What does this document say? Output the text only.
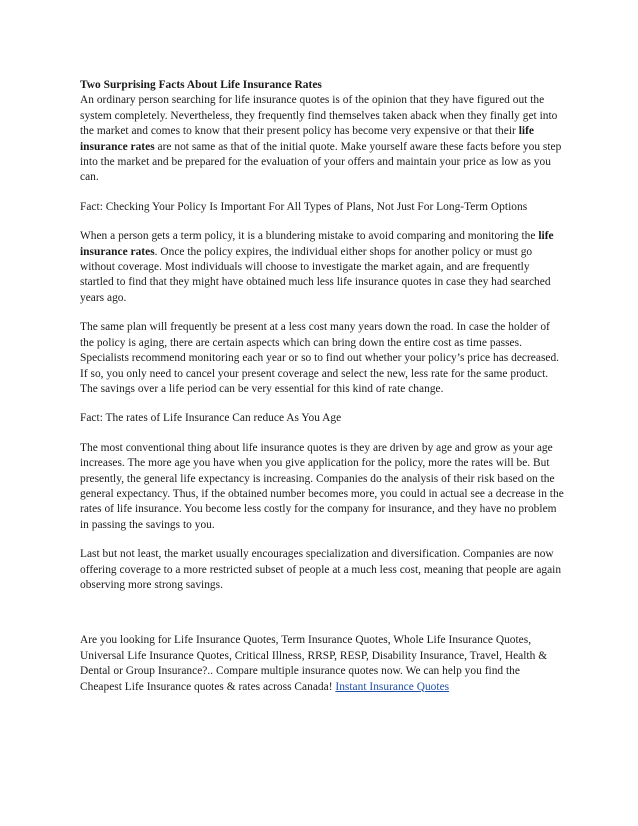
Two Surprising Facts About Life Insurance Rates

An ordinary person searching for life insurance quotes is of the opinion that they have figured out the system completely. Nevertheless, they frequently find themselves taken aback when they finally get into the market and comes to know that their present policy has become very expensive or that their life insurance rates are not same as that of the initial quote. Make yourself aware these facts before you step into the market and be prepared for the evaluation of your offers and maintain your price as low as you can.

Fact: Checking Your Policy Is Important For All Types of Plans, Not Just For Long-Term Options

When a person gets a term policy, it is a blundering mistake to avoid comparing and monitoring the life insurance rates. Once the policy expires, the individual either shops for another policy or must go without coverage. Most individuals will choose to investigate the market again, and are frequently startled to find that they might have obtained much less life insurance quotes in case they had searched years ago.

The same plan will frequently be present at a less cost many years down the road. In case the holder of the policy is aging, there are certain aspects which can bring down the entire cost as time passes. Specialists recommend monitoring each year or so to find out whether your policy’s price has decreased. If so, you only need to cancel your present coverage and select the new, less rate for the same product. The savings over a life period can be very essential for this kind of rate change.

Fact: The rates of Life Insurance Can reduce As You Age

The most conventional thing about life insurance quotes is they are driven by age and grow as your age increases. The more age you have when you give application for the policy, more the rates will be. But presently, the general life expectancy is increasing. Companies do the analysis of their risk based on the general expectancy. Thus, if the obtained number becomes more, you could in actual see a decrease in the rates of life insurance. You become less costly for the company for insurance, and they have no problem in passing the savings to you.

Last but not least, the market usually encourages specialization and diversification. Companies are now offering coverage to a more restricted subset of people at a much less cost, meaning that people are again observing more strong savings.

Are you looking for Life Insurance Quotes, Term Insurance Quotes, Whole Life Insurance Quotes, Universal Life Insurance Quotes, Critical Illness, RRSP, RESP, Disability Insurance, Travel, Health & Dental or Group Insurance?.. Compare multiple insurance quotes now. We can help you find the Cheapest Life Insurance quotes & rates across Canada! Instant Insurance Quotes
